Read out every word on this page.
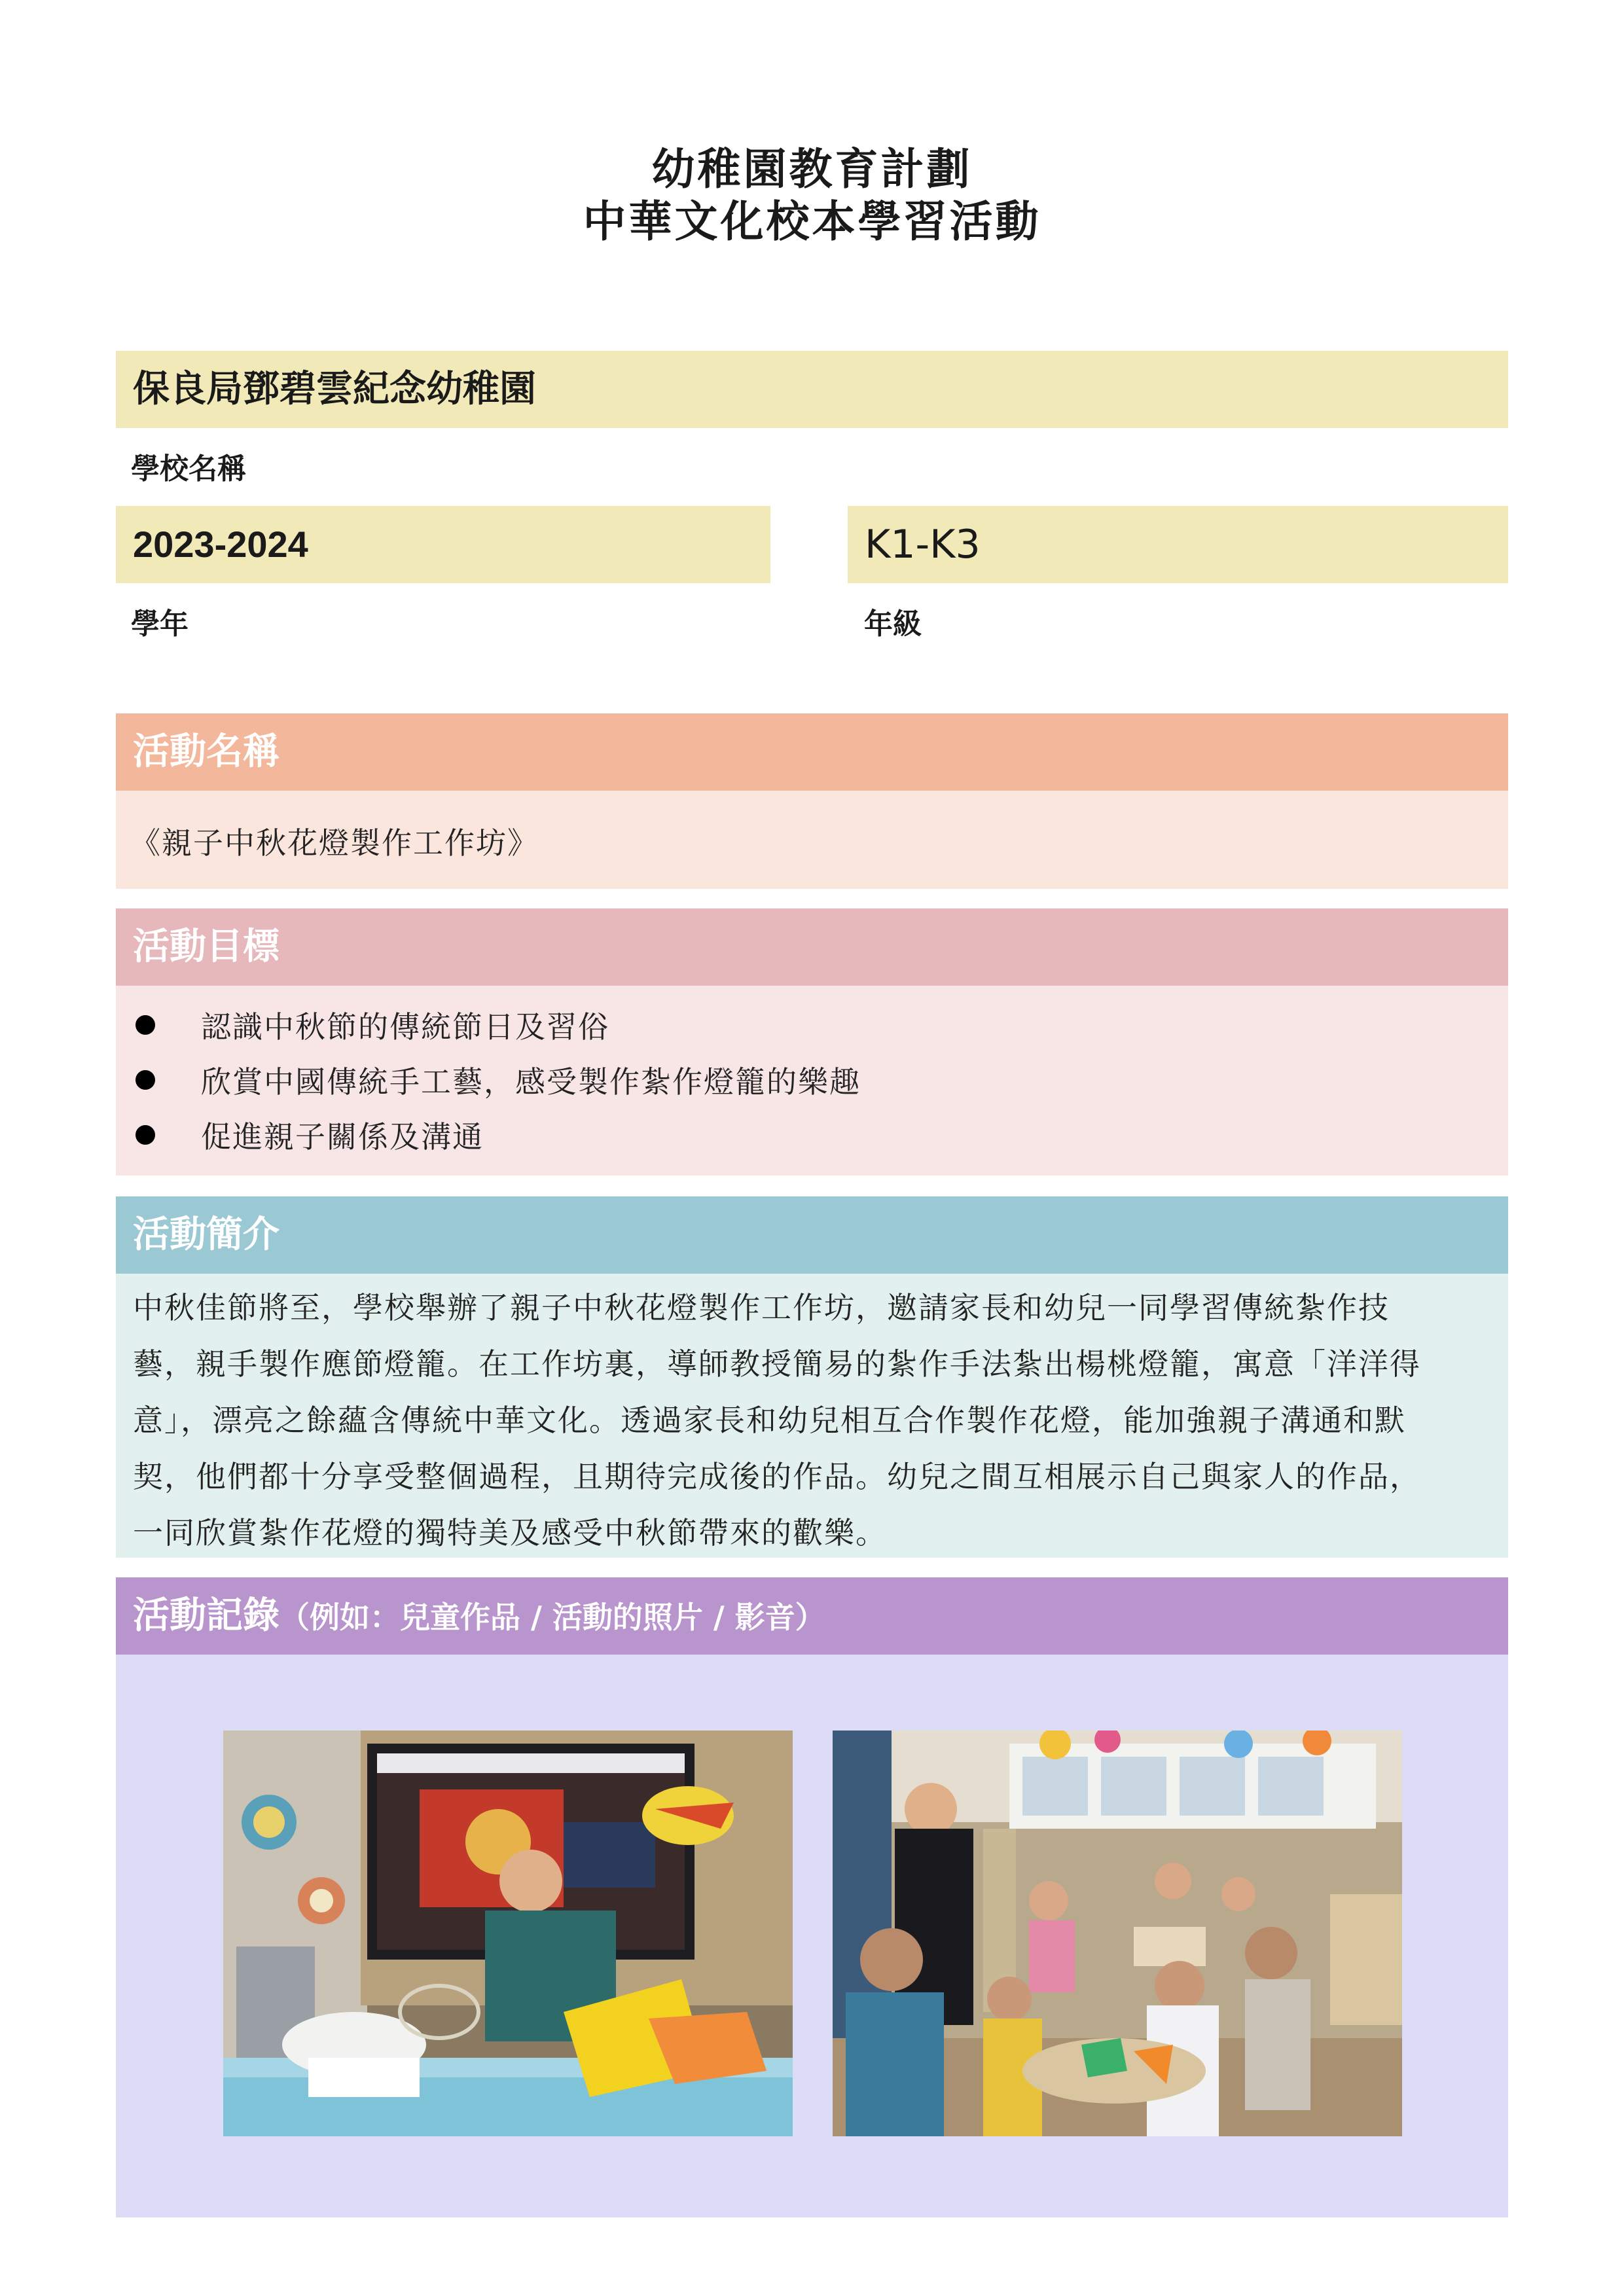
幼稚園教育計劃
中華文化校本學習活動
保良局鄧碧雲紀念幼稚園
學校名稱
2023-2024
學年
K1-K3
年級
活動名稱
《親子中秋花燈製作工作坊》
活動目標
認識中秋節的傳統節日及習俗
欣賞中國傳統手工藝，感受製作紮作燈籠的樂趣
促進親子關係及溝通
活動簡介
中秋佳節將至，學校舉辦了親子中秋花燈製作工作坊，邀請家長和幼兒一同學習傳統紮作技
藝，親手製作應節燈籠。在工作坊裏，導師教授簡易的紮作手法紮出楊桃燈籠，寓意「洋洋得
意」，漂亮之餘蘊含傳統中華文化。透過家長和幼兒相互合作製作花燈，能加強親子溝通和默
契，他們都十分享受整個過程，且期待完成後的作品。幼兒之間互相展示自己與家人的作品，
一同欣賞紮作花燈的獨特美及感受中秋節帶來的歡樂。
活動記錄（例如：兒童作品 / 活動的照片 / 影音）
